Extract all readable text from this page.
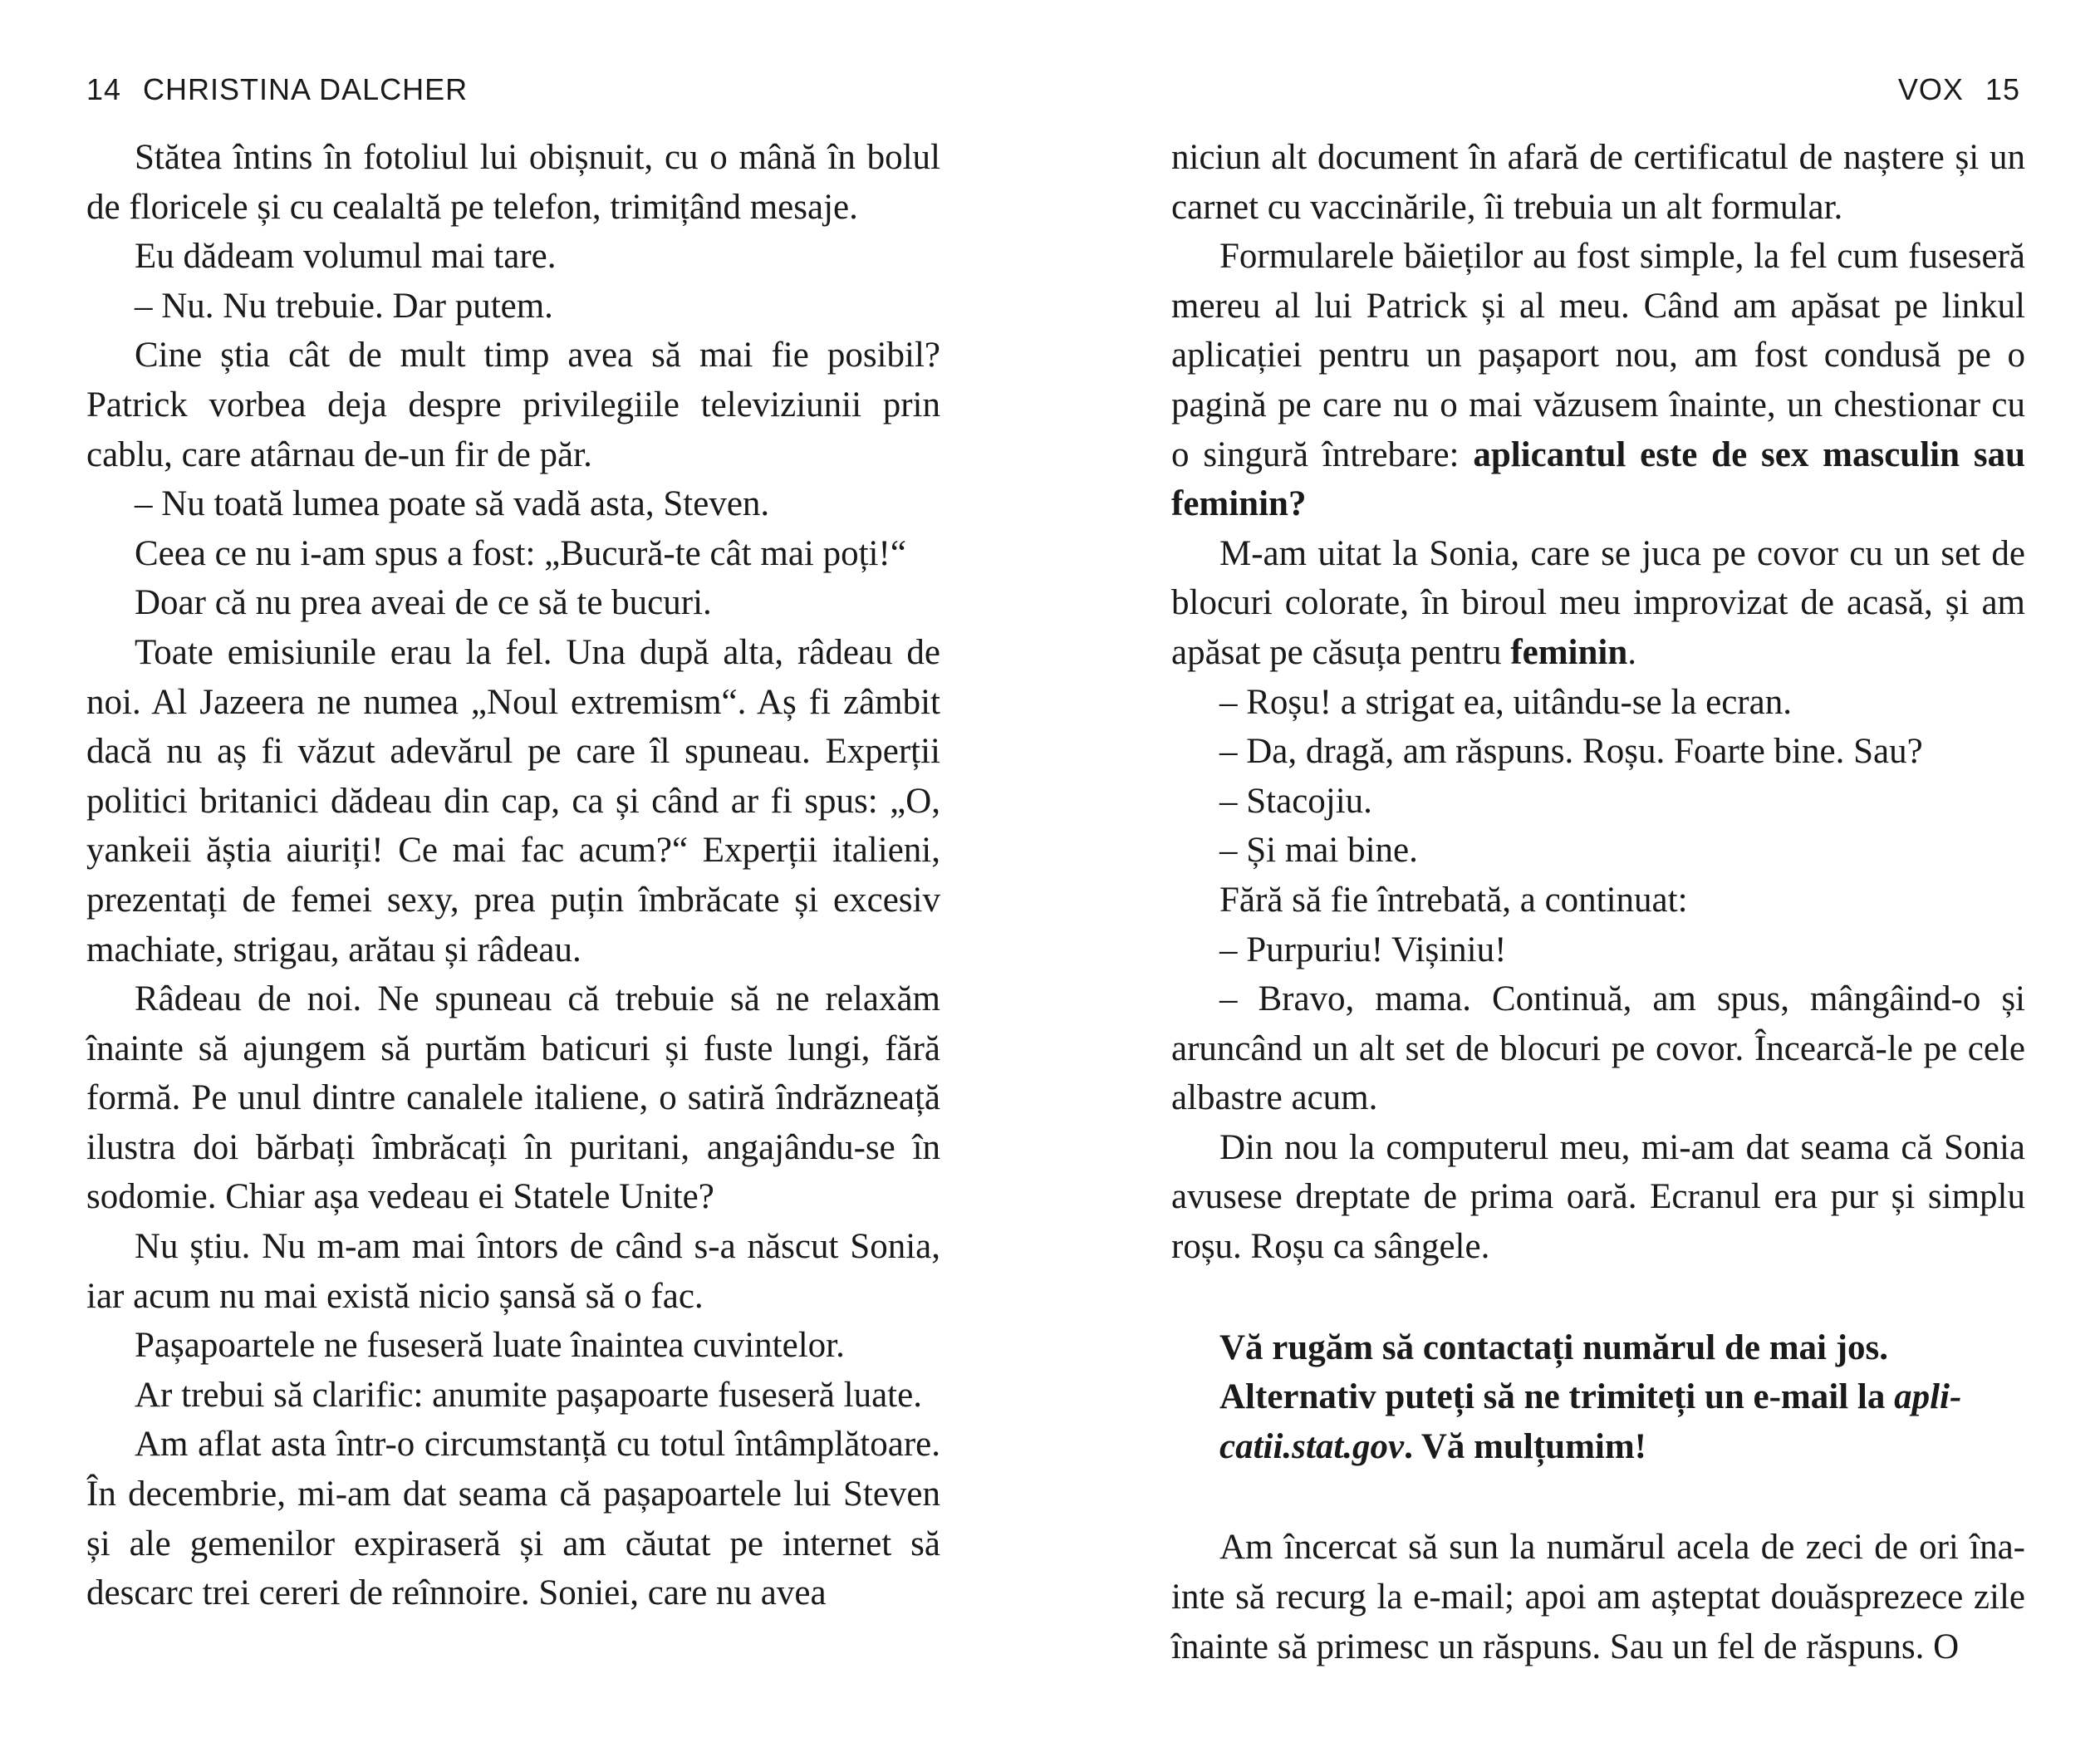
14 CHRISTINA DALCHER

Stătea întins în fotoliul lui obișnuit, cu o mână în bolul de floricele și cu cealaltă pe telefon, trimițând mesaje.

Eu dădeam volumul mai tare.

– Nu. Nu trebuie. Dar putem.

Cine știa cât de mult timp avea să mai fie posibil? Patrick vorbea deja despre privilegiile televiziunii prin cablu, care atârnau de-un fir de păr.

– Nu toată lumea poate să vadă asta, Steven.

Ceea ce nu i-am spus a fost: „Bucură-te cât mai poți!“

Doar că nu prea aveai de ce să te bucuri.

Toate emisiunile erau la fel. Una după alta, râdeau de noi. Al Jazeera ne numea „Noul extremism“. Aș fi zâmbit dacă nu aș fi văzut adevărul pe care îl spuneau. Experții politici britanici dădeau din cap, ca și când ar fi spus: „O, yankeii ăștia aiuriți! Ce mai fac acum?“ Experții italieni, prezentați de femei sexy, prea puțin îmbrăcate și excesiv machiate, strigau, arătau și râdeau.

Râdeau de noi. Ne spuneau că trebuie să ne relaxăm înainte să ajungem să purtăm baticuri și fuste lungi, fără formă. Pe unul dintre canalele italiene, o satiră îndrăzneață ilustra doi bărbați îmbrăcați în puritani, angajându-se în sodomie. Chiar așa vedeau ei Statele Unite?

Nu știu. Nu m-am mai întors de când s-a născut Sonia, iar acum nu mai există nicio șansă să o fac.

Pașapoartele ne fuseseră luate înaintea cuvintelor.

Ar trebui să clarific: anumite pașapoarte fuseseră luate.

Am aflat asta într-o circumstanță cu totul întâmplătoare. În decembrie, mi-am dat seama că pașapoartele lui Steven și ale gemenilor expiraseră și am căutat pe internet să descarc trei cereri de reînnoire. Soniei, care nu avea

VOX 15

niciun alt document în afară de certificatul de naștere și un carnet cu vaccinările, îi trebuia un alt formular.

Formularele băieților au fost simple, la fel cum fuseseră mereu al lui Patrick și al meu. Când am apăsat pe linkul aplicației pentru un pașaport nou, am fost condusă pe o pagină pe care nu o mai văzusem înainte, un chestionar cu o singură întrebare: aplicantul este de sex masculin sau feminin?

M-am uitat la Sonia, care se juca pe covor cu un set de blocuri colorate, în biroul meu improvizat de acasă, și am apăsat pe căsuța pentru feminin.

– Roșu! a strigat ea, uitându-se la ecran.

– Da, dragă, am răspuns. Roșu. Foarte bine. Sau?

– Stacojiu.

– Și mai bine.

Fără să fie întrebată, a continuat:

– Purpuriu! Vișiniu!

– Bravo, mama. Continuă, am spus, mângâind-o și aruncând un alt set de blocuri pe covor. Încearcă-le pe cele albastre acum.

Din nou la computerul meu, mi-am dat seama că Sonia avusese dreptate de prima oară. Ecranul era pur și simplu roșu. Roșu ca sângele.

Vă rugăm să contactați numărul de mai jos. Alternativ puteți să ne trimiteți un e-mail la aplicatii.stat.gov. Vă mulțumim!

Am încercat să sun la numărul acela de zeci de ori înainte să recurg la e-mail; apoi am așteptat douăsprezece zile înainte să primesc un răspuns. Sau un fel de răspuns. O
